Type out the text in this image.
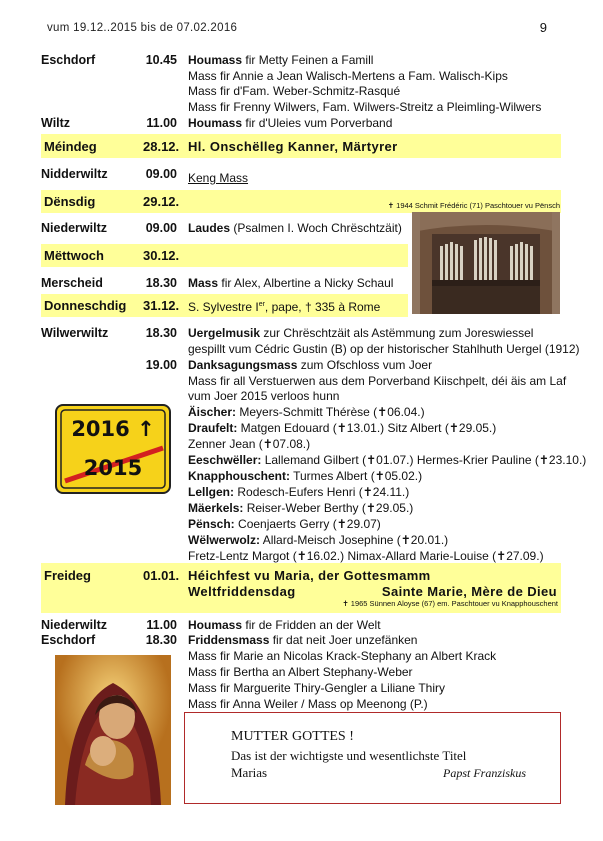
vum 19.12..2015 bis de 07.02.2016	9
Eschdorf	10.45 Houmass fir Metty Feinen a Famill
Mass fir Annie a Jean Walisch-Mertens a Fam. Walisch-Kips
Mass fir d'Fam. Weber-Schmitz-Rasqué
Mass fir Frenny Wilwers, Fam. Wilwers-Streitz a Pleimling-Wilwers
Wiltz	11.00 Houmass fir d'Uleies vum Porverband
Méindeg	28.12. Hl. Onschëlleg Kanner, Märtyrer
Nidderwiltz	09.00 Keng Mass
Dënsdig	29.12.	✝ 1944 Schmit Frédéric (71) Paschtouer vu Pënsch
Niederwiltz	09.00 Laudes (Psalmen I. Woch Chrëschtzäit)
Mëttwoch	30.12.
Merscheid	18.30 Mass fir Alex, Albertine a Nicky Schaul
Donneschdig 31.12. S. Sylvestre Ier, pape, † 335 à Rome
Wilwerwiltz	18.30 Uergelmusik zur Chrëschtzäit als Astëmmung zum Joreswiessel
gespillt vum Cédric Gustin (B) op der historischer Stahlhuth Uergel (1912)
19.00 Danksagungsmass zum Ofschloss vum Joer
Mass fir all Verstuerwen aus dem Porverband Kiischpelt, déi äis am Laf
vum Joer 2015 verloos hunn
Äischer: Meyers-Schmitt Thérèse (✝06.04.)
Draufelt: Matgen Edouard (✝13.01.) Sitz Albert (✝29.05.)
Zenner Jean (✝07.08.)
Eeschwëller: Lallemand Gilbert (✝01.07.) Hermes-Krier Pauline (✝23.10.)
Knapphouschent: Turmes Albert (✝05.02.)
Lellgen: Rodesch-Eufers Henri (✝24.11.)
Mäerkels: Reiser-Weber Berthy (✝29.05.)
Pënsch: Coenjaerts Gerry (✝29.07)
Wëlwerwolz: Allard-Meisch Josephine (✝20.01.)
Fretz-Lentz Margot (✝16.02.) Nimax-Allard Marie-Louise (✝27.09.)
2016 ↑
2015
Freideg	01.01. Héichfest vu Maria, der Gottesmamm
Weltfriddensdag	Sainte Marie, Mère de Dieu
✝ 1965 Sünnen Aloyse (67) em. Paschtouer vu Knapphouschent
Niederwiltz	11.00 Houmass fir de Fridden an der Welt
Eschdorf	18.30 Friddensmass fir dat neit Joer unzefänken
Mass fir Marie an Nicolas Krack-Stephany an Albert Krack
Mass fir Bertha an Albert Stephany-Weber
Mass fir Marguerite Thiry-Gengler a Liliane Thiry
Mass fir Anna Weiler / Mass op Meenong (P.)
MUTTER GOTTES !
Das ist der wichtigste und wesentlichste Titel
Marias	Papst Franziskus
